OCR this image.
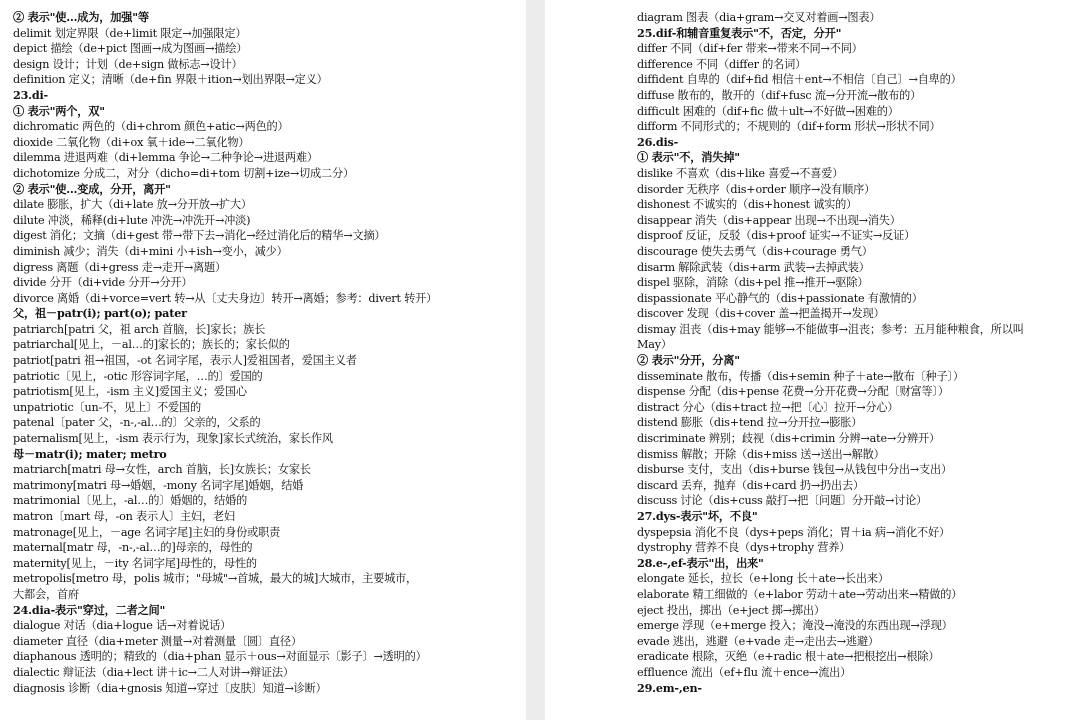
② 表示"使…成为，加强"等
delimit 划定界限（de+limit 限定→加强限定）
depict 描绘（de+pict 图画→成为图画→描绘）
design 设计；计划（de+sign 做标志→设计）
definition 定义；清晰（de+fin 界限＋ition→划出界限→定义）
23.di-
① 表示"两个，双"
dichromatic 两色的（di+chrom 颜色+atic→两色的）
dioxide 二氧化物（di+ox 氧＋ide→二氧化物）
dilemma 进退两难（di+lemma 争论→二种争论→进退两难）
dichotomize 分成二，对分（dicho=di+tom 切割+ize→切成二分）
② 表示"使…变成，分开，离开"
dilate 膨胀，扩大（di+late 放→分开放→扩大）
dilute 冲淡，稀释(di+lute 冲洗→冲洗开→冲淡)
digest 消化；文摘（di+gest 带→带下去→消化→经过消化后的精华→文摘）
diminish 减少；消失（di+mini 小+ish→变小，减少）
digress 离题（di+gress 走→走开→离题）
divide 分开（di+vide 分开→分开）
divorce 离婚（di+vorce=vert 转→从〔丈夫身边〕转开→离婚；参考：divert 转开）
父，祖－patr(i); part(o); pater
patriarch[patri 父，祖 arch 首脑，长]家长；族长
patriarchal[见上，－al…的]家长的；族长的；家长似的
patriot[patri 祖→祖国，-ot 名词字尾，表示人]爱祖国者，爱国主义者
patriotic〔见上，-otic 形容词字尾，…的〕爱国的
patriotism[见上，-ism 主义]爱国主义；爱国心
unpatriotic〔un-不，见上〕不爱国的
patenal〔pater 父，-n-,-al…的〕父亲的，父系的
paternalism[见上，-ism 表示行为，现象]家长式统治，家长作风
母－matr(i); mater; metro
matriarch[matri 母→女性，arch 首脑，长]女族长；女家长
matrimony[matri 母→婚姻，-mony 名词字尾]婚姻，结婚
matrimonial〔见上，-al…的〕婚姻的，结婚的
matron〔mart 母，-on 表示人〕主妇，老妇
matronage[见上，－age 名词字尾]主妇的身份或职责
maternal[matr 母，-n-,-al…的]母亲的，母性的
maternity[见上，－ity 名词字尾]母性的，母性的
metropolis[metro 母，polis 城市；"母城"→首城，最大的城]大城市，主要城市，
大都会，首府
24.dia-表示"穿过，二者之间"
dialogue 对话（dia+logue 话→对着说话）
diameter 直径（dia+meter 测量→对着测量〔圆〕直径）
diaphanous 透明的；精致的（dia+phan 显示＋ous→对面显示〔影子〕→透明的）
dialectic 辩证法（dia+lect 讲＋ic→二人对讲→辩证法）
diagnosis 诊断（dia+gnosis 知道→穿过〔皮肤〕知道→诊断）
diagram 图表（dia+gram→交叉对着画→图表）
25.dif-和辅音重复表示"不，否定，分开"
differ 不同（dif+fer 带来→带来不同→不同）
difference 不同（differ 的名词）
diffident 自卑的（dif+fid 相信＋ent→不相信〔自己〕→自卑的）
diffuse 散布的，散开的（dif+fusc 流→分开流→散布的）
difficult 困难的（dif+fic 做＋ult→不好做→困难的）
difform 不同形式的；不规则的（dif+form 形状→形状不同）
26.dis-
① 表示"不，消失掉"
dislike 不喜欢（dis+like 喜爱→不喜爱）
disorder 无秩序（dis+order 顺序→没有顺序）
dishonest 不诚实的（dis+honest 诚实的）
disappear 消失（dis+appear 出现→不出现→消失）
disproof 反证，反驳（dis+proof 证实→不证实→反证）
discourage 使失去勇气（dis+courage 勇气）
disarm 解除武装（dis+arm 武装→去掉武装）
dispel 驱除，消除（dis+pel 推→推开→驱除）
dispassionate 平心静气的（dis+passionate 有激情的）
discover 发现（dis+cover 盖→把盖揭开→发现）
dismay 沮丧（dis+may 能够→不能做事→沮丧；参考：五月能种粮食，所以叫
May）
② 表示"分开，分离"
disseminate 散布，传播（dis+semin 种子＋ate→散布〔种子〕）
dispense 分配（dis+pense 花费→分开花费→分配〔财富等〕）
distract 分心（dis+tract 拉→把〔心〕拉开→分心）
distend 膨胀（dis+tend 拉→分开拉→膨胀）
discriminate 辨别；歧视（dis+crimin 分辨→ate→分辨开）
dismiss 解散；开除（dis+miss 送→送出→解散）
disburse 支付，支出（dis+burse 钱包→从钱包中分出→支出）
discard 丢弃，抛弃（dis+card 扔→扔出去）
discuss 讨论（dis+cuss 敲打→把〔问题〕分开敲→讨论）
27.dys-表示"坏，不良"
dyspepsia 消化不良（dys+peps 消化；胃＋ia 病→消化不好）
dystrophy 营养不良（dys+trophy 营养）
28.e-,ef-表示"出，出来"
elongate 延长，拉长（e+long 长＋ate→长出来）
elaborate 精工细做的（e+labor 劳动＋ate→劳动出来→精做的）
eject 投出，掷出（e+ject 掷→掷出）
emerge 浮现（e+merge 投入；淹没→淹没的东西出现→浮现）
evade 逃出，逃避（e+vade 走→走出去→逃避）
eradicate 根除，灭绝（e+radic 根＋ate→把根挖出→根除）
effluence 流出（ef+flu 流＋ence→流出）
29.em-,en-
